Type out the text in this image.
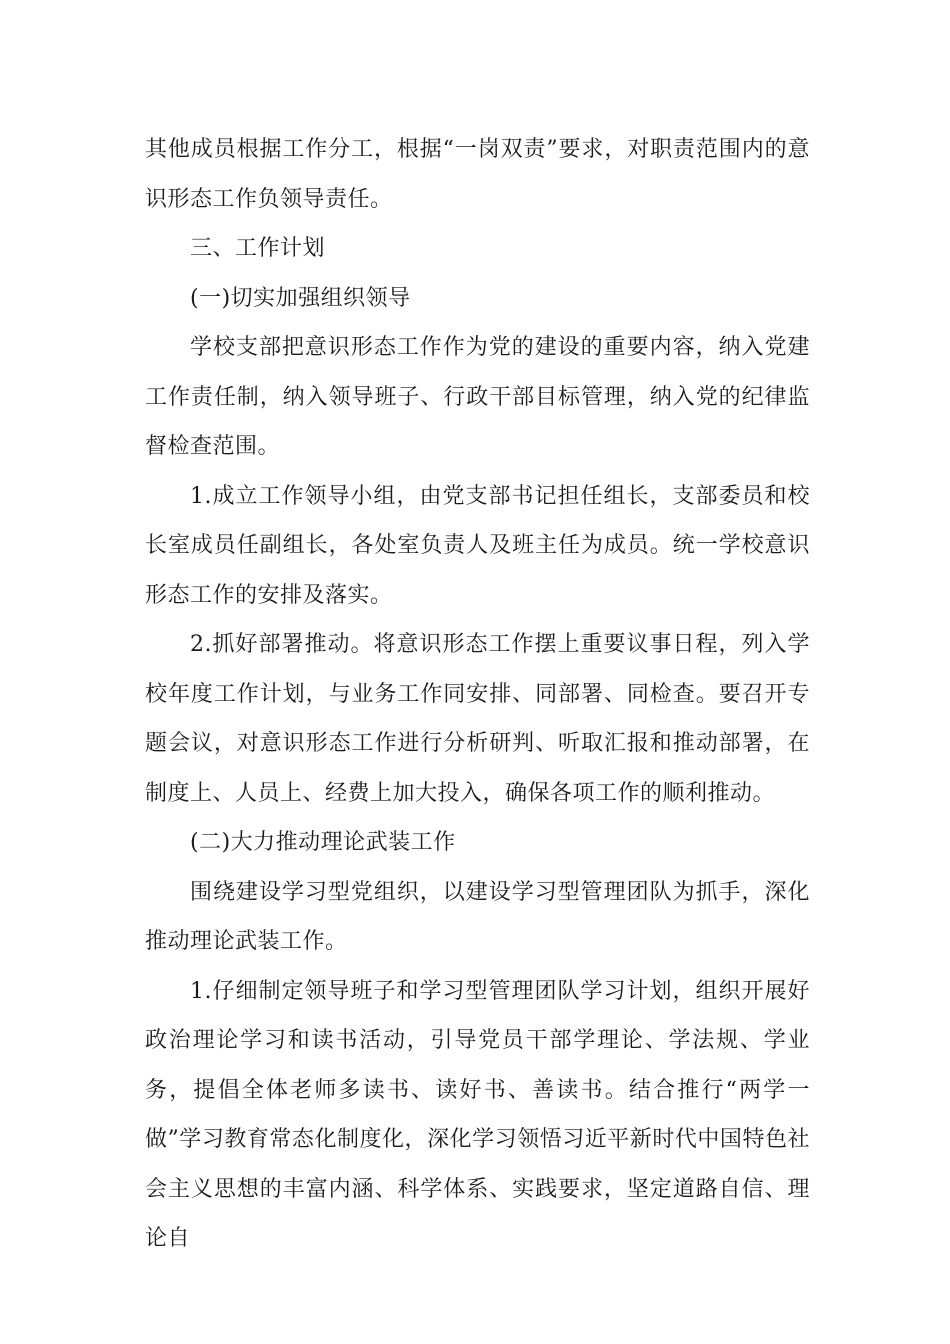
其他成员根据工作分工，根据“一岗双责”要求，对职责范围内的意识形态工作负领导责任。

三、工作计划

(一)切实加强组织领导

学校支部把意识形态工作作为党的建设的重要内容，纳入党建工作责任制，纳入领导班子、行政干部目标管理，纳入党的纪律监督检查范围。

1.成立工作领导小组，由党支部书记担任组长，支部委员和校长室成员任副组长，各处室负责人及班主任为成员。统一学校意识形态工作的安排及落实。

2.抓好部署推动。将意识形态工作摆上重要议事日程，列入学校年度工作计划，与业务工作同安排、同部署、同检查。要召开专题会议，对意识形态工作进行分析研判、听取汇报和推动部署，在制度上、人员上、经费上加大投入，确保各项工作的顺利推动。

(二)大力推动理论武装工作

围绕建设学习型党组织，以建设学习型管理团队为抓手，深化推动理论武装工作。

1.仔细制定领导班子和学习型管理团队学习计划，组织开展好政治理论学习和读书活动，引导党员干部学理论、学法规、学业务，提倡全体老师多读书、读好书、善读书。结合推行“两学一做”学习教育常态化制度化，深化学习领悟习近平新时代中国特色社会主义思想的丰富内涵、科学体系、实践要求，坚定道路自信、理论自
